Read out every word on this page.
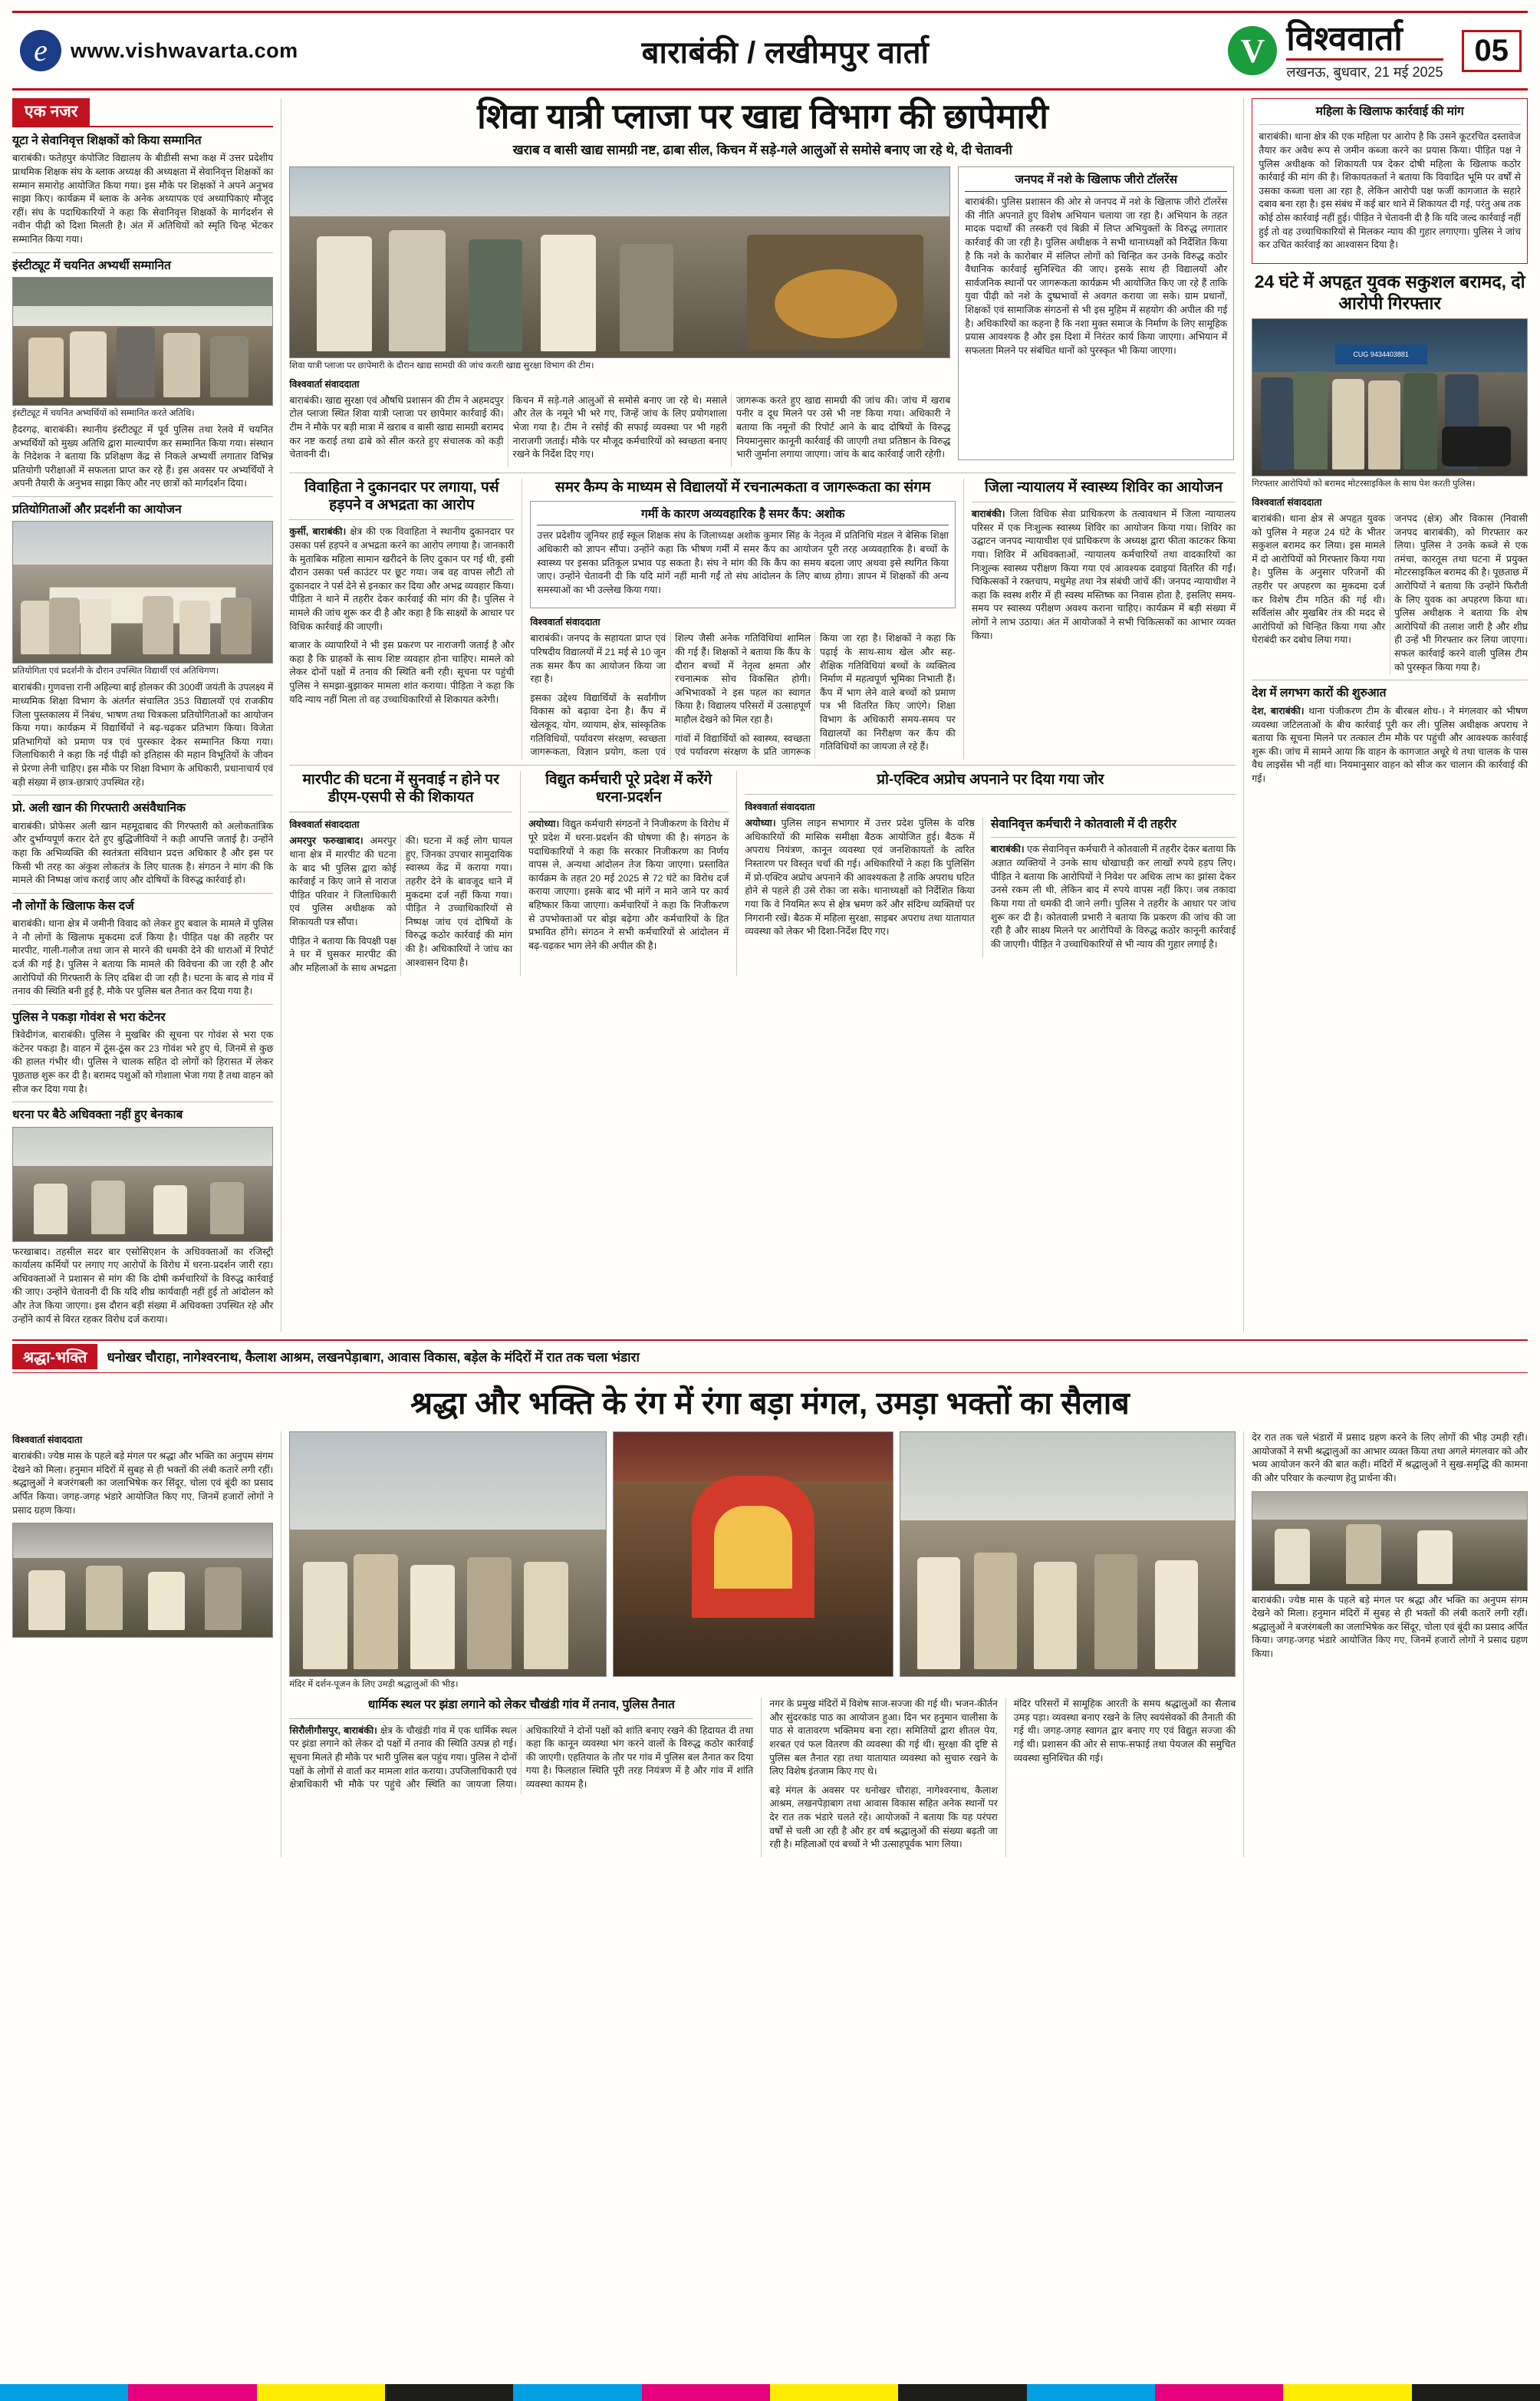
e	www.vishwavarta.com	बाराबंकी / लखीमपुर वार्ता	V विश्ववार्ता
लखनऊ, बुधवार, 21 मई 2025
05
एक नजर
यूटा ने सेवानिवृत्त शिक्षकों को किया सम्मानित

बाराबंकी। फतेहपुर कंपोजिट विद्यालय के बीडीसी सभा कक्ष में उत्तर प्रदेशीय प्राथमिक शिक्षक संघ के ब्लाक अध्यक्ष की अध्यक्षता में सेवानिवृत्त शिक्षकों का सम्मान समारोह आयोजित किया गया। इस मौके पर शिक्षकों ने अपने अनुभव साझा किए। कार्यक्रम में ब्लाक के अनेक अध्यापक एवं अध्यापिकाएं मौजूद रहीं। संघ के पदाधिकारियों ने कहा कि सेवानिवृत्त शिक्षकों के मार्गदर्शन से नवीन पीढ़ी को दिशा मिलती है। अंत में अतिथियों को स्मृति चिन्ह भेंटकर सम्मानित किया गया।

इंस्टीट्यूट में चयनित अभ्यर्थी सम्मानित
इंस्टीट्यूट में चयनित अभ्यर्थियों को सम्मानित करते अतिथि।

हैदरगढ़, बाराबंकी। स्थानीय इंस्टीट्यूट में पूर्व पुलिस तथा रेलवे में चयनित अभ्यर्थियों को मुख्य अतिथि द्वारा माल्यार्पण कर सम्मानित किया गया। संस्थान के निदेशक ने बताया कि प्रशिक्षण केंद्र से निकले अभ्यर्थी लगातार विभिन्न प्रतियोगी परीक्षाओं में सफलता प्राप्त कर रहे हैं। इस अवसर पर अभ्यर्थियों ने अपनी तैयारी के अनुभव साझा किए और नए छात्रों को मार्गदर्शन दिया।

प्रतियोगिताओं और प्रदर्शनी का आयोजन
प्रतियोगिता एवं प्रदर्शनी के दौरान उपस्थित विद्यार्थी एवं अतिथिगण।

बाराबंकी। गुणवत्ता रानी अहिल्या बाई होलकर की 300वीं जयंती के उपलक्ष्य में माध्यमिक शिक्षा विभाग के अंतर्गत संचालित 353 विद्यालयों एवं राजकीय जिला पुस्तकालय में निबंध, भाषण तथा चित्रकला प्रतियोगिताओं का आयोजन किया गया। कार्यक्रम में विद्यार्थियों ने बढ़-चढ़कर प्रतिभाग किया। विजेता प्रतिभागियों को प्रमाण पत्र एवं पुरस्कार देकर सम्मानित किया गया। जिलाधिकारी ने कहा कि नई पीढ़ी को इतिहास की महान विभूतियों के जीवन से प्रेरणा लेनी चाहिए। इस मौके पर शिक्षा विभाग के अधिकारी, प्रधानाचार्य एवं बड़ी संख्या में छात्र-छात्राएं उपस्थित रहे।

प्रो. अली खान की गिरफ्तारी असंवैधानिक

बाराबंकी। प्रोफेसर अली खान महमूदाबाद की गिरफ्तारी को अलोकतांत्रिक और दुर्भाग्यपूर्ण करार देते हुए बुद्धिजीवियों ने कड़ी आपत्ति जताई है। उन्होंने कहा कि अभिव्यक्ति की स्वतंत्रता संविधान प्रदत्त अधिकार है और इस पर किसी भी तरह का अंकुश लोकतंत्र के लिए घातक है। संगठन ने मांग की कि मामले की निष्पक्ष जांच कराई जाए और दोषियों के विरुद्ध कार्रवाई हो।

नौ लोगों के खिलाफ केस दर्ज

बाराबंकी। थाना क्षेत्र में जमीनी विवाद को लेकर हुए बवाल के मामले में पुलिस ने नौ लोगों के खिलाफ मुकदमा दर्ज किया है। पीड़ित पक्ष की तहरीर पर मारपीट, गाली-गलौज तथा जान से मारने की धमकी देने की धाराओं में रिपोर्ट दर्ज की गई है। पुलिस ने बताया कि मामले की विवेचना की जा रही है और आरोपियों की गिरफ्तारी के लिए दबिश दी जा रही है। घटना के बाद से गांव में तनाव की स्थिति बनी हुई है, मौके पर पुलिस बल तैनात कर दिया गया है।

पुलिस ने पकड़ा गोवंश से भरा कंटेनर

त्रिवेदीगंज, बाराबंकी। पुलिस ने मुखबिर की सूचना पर गोवंश से भरा एक कंटेनर पकड़ा है। वाहन में ठूंस-ठूंस कर 23 गोवंश भरे हुए थे, जिनमें से कुछ की हालत गंभीर थी। पुलिस ने चालक सहित दो लोगों को हिरासत में लेकर पूछताछ शुरू कर दी है। बरामद पशुओं को गोशाला भेजा गया है तथा वाहन को सीज कर दिया गया है।

धरना पर बैठे अधिवक्ता नहीं हुए बेनकाब

फरखाबाद। तहसील सदर बार एसोसिएशन के अधिवक्ताओं का रजिस्ट्री कार्यालय कर्मियों पर लगाए गए आरोपों के विरोध में धरना-प्रदर्शन जारी रहा। अधिवक्ताओं ने प्रशासन से मांग की कि दोषी कर्मचारियों के विरुद्ध कार्रवाई की जाए। उन्होंने चेतावनी दी कि यदि शीघ्र कार्यवाही नहीं हुई तो आंदोलन को और तेज किया जाएगा। इस दौरान बड़ी संख्या में अधिवक्ता उपस्थित रहे और उन्होंने कार्य से विरत रहकर विरोध दर्ज कराया।

शिवा यात्री प्लाजा पर खाद्य विभाग की छापेमारी
खराब व बासी खाद्य सामग्री नष्ट, ढाबा सील, किचन में सड़े-गले आलुओं से समोसे बनाए जा रहे थे, दी चेतावनी
शिवा यात्री प्लाजा पर छापेमारी के दौरान खाद्य सामग्री की जांच करती खाद्य सुरक्षा विभाग की टीम।
विश्ववार्ता संवाददाता

बाराबंकी। खाद्य सुरक्षा एवं औषधि प्रशासन की टीम ने अहमदपुर टोल प्लाजा स्थित शिवा यात्री प्लाजा पर छापेमार कार्रवाई की। टीम ने मौके पर बड़ी मात्रा में खराब व बासी खाद्य सामग्री बरामद कर नष्ट कराई तथा ढाबे को सील करते हुए संचालक को कड़ी चेतावनी दी।

किचन में सड़े-गले आलुओं से समोसे बनाए जा रहे थे। मसाले और तेल के नमूने भी भरे गए, जिन्हें जांच के लिए प्रयोगशाला भेजा गया है। टीम ने रसोई की सफाई व्यवस्था पर भी गहरी नाराजगी जताई। मौके पर मौजूद कर्मचारियों को स्वच्छता बनाए रखने के निर्देश दिए गए।

जागरूक करते हुए खाद्य सामग्री की जांच की। जांच में खराब पनीर व दूध मिलने पर उसे भी नष्ट किया गया। अधिकारी ने बताया कि नमूनों की रिपोर्ट आने के बाद दोषियों के विरुद्ध नियमानुसार कानूनी कार्रवाई की जाएगी तथा प्रतिष्ठान के विरुद्ध भारी जुर्माना लगाया जाएगा। जांच के बाद कार्रवाई जारी रहेगी।

जनपद में नशे के खिलाफ जीरो टॉलरेंस

बाराबंकी। पुलिस प्रशासन की ओर से जनपद में नशे के खिलाफ जीरो टॉलरेंस की नीति अपनाते हुए विशेष अभियान चलाया जा रहा है। अभियान के तहत मादक पदार्थों की तस्करी एवं बिक्री में लिप्त अभियुक्तों के विरुद्ध लगातार कार्रवाई की जा रही है। पुलिस अधीक्षक ने सभी थानाध्यक्षों को निर्देशित किया है कि नशे के कारोबार में संलिप्त लोगों को चिन्हित कर उनके विरुद्ध कठोर वैधानिक कार्रवाई सुनिश्चित की जाए। इसके साथ ही विद्यालयों और सार्वजनिक स्थानों पर जागरूकता कार्यक्रम भी आयोजित किए जा रहे हैं ताकि युवा पीढ़ी को नशे के दुष्प्रभावों से अवगत कराया जा सके। ग्राम प्रधानों, शिक्षकों एवं सामाजिक संगठनों से भी इस मुहिम में सहयोग की अपील की गई है। अधिकारियों का कहना है कि नशा मुक्त समाज के निर्माण के लिए सामूहिक प्रयास आवश्यक है और इस दिशा में निरंतर कार्य किया जाएगा। अभियान में सफलता मिलने पर संबंधित थानों को पुरस्कृत भी किया जाएगा।

विवाहिता ने दुकानदार पर लगाया, पर्स हड़पने व अभद्रता का आरोप

कुर्सी, बाराबंकी। क्षेत्र की एक विवाहिता ने स्थानीय दुकानदार पर उसका पर्स हड़पने व अभद्रता करने का आरोप लगाया है। जानकारी के मुताबिक महिला सामान खरीदने के लिए दुकान पर गई थी, इसी दौरान उसका पर्स काउंटर पर छूट गया। जब वह वापस लौटी तो दुकानदार ने पर्स देने से इनकार कर दिया और अभद्र व्यवहार किया। पीड़िता ने थाने में तहरीर देकर कार्रवाई की मांग की है। पुलिस ने मामले की जांच शुरू कर दी है और कहा है कि साक्ष्यों के आधार पर विधिक कार्रवाई की जाएगी।

बाजार के व्यापारियों ने भी इस प्रकरण पर नाराजगी जताई है और कहा है कि ग्राहकों के साथ शिष्ट व्यवहार होना चाहिए। मामले को लेकर दोनों पक्षों में तनाव की स्थिति बनी रही। सूचना पर पहुंची पुलिस ने समझा-बुझाकर मामला शांत कराया। पीड़िता ने कहा कि यदि न्याय नहीं मिला तो वह उच्चाधिकारियों से शिकायत करेगी।

समर कैम्प के माध्यम से विद्यालयों में रचनात्मकता व जागरूकता का संगम
गर्मी के कारण अव्यवहारिक है समर कैंप: अशोक

उत्तर प्रदेशीय जूनियर हाई स्कूल शिक्षक संघ के जिलाध्यक्ष अशोक कुमार सिंह के नेतृत्व में प्रतिनिधि मंडल ने बेसिक शिक्षा अधिकारी को ज्ञापन सौंपा। उन्होंने कहा कि भीषण गर्मी में समर कैंप का आयोजन पूरी तरह अव्यवहारिक है। बच्चों के स्वास्थ्य पर इसका प्रतिकूल प्रभाव पड़ सकता है। संघ ने मांग की कि कैंप का समय बदला जाए अथवा इसे स्थगित किया जाए। उन्होंने चेतावनी दी कि यदि मांगें नहीं मानी गईं तो संघ आंदोलन के लिए बाध्य होगा। ज्ञापन में शिक्षकों की अन्य समस्याओं का भी उल्लेख किया गया।

विश्ववार्ता संवाददाता

बाराबंकी। जनपद के सहायता प्राप्त एवं परिषदीय विद्यालयों में 21 मई से 10 जून तक समर कैंप का आयोजन किया जा रहा है।

इसका उद्देश्य विद्यार्थियों के सर्वांगीण विकास को बढ़ावा देना है। कैंप में खेलकूद, योग, व्यायाम, क्षेत्र, सांस्कृतिक गतिविधियों, पर्यावरण संरक्षण, स्वच्छता जागरूकता, विज्ञान प्रयोग, कला एवं शिल्प जैसी अनेक गतिविधियां शामिल की गई हैं। शिक्षकों ने बताया कि कैंप के दौरान बच्चों में नेतृत्व क्षमता और रचनात्मक सोच विकसित होगी। अभिभावकों ने इस पहल का स्वागत किया है। विद्यालय परिसरों में उत्साहपूर्ण माहौल देखने को मिल रहा है।

गांवों में विद्यार्थियों को स्वास्थ्य, स्वच्छता एवं पर्यावरण संरक्षण के प्रति जागरूक किया जा रहा है। शिक्षकों ने कहा कि पढ़ाई के साथ-साथ खेल और सह-शैक्षिक गतिविधियां बच्चों के व्यक्तित्व निर्माण में महत्वपूर्ण भूमिका निभाती हैं। कैंप में भाग लेने वाले बच्चों को प्रमाण पत्र भी वितरित किए जाएंगे। शिक्षा विभाग के अधिकारी समय-समय पर विद्यालयों का निरीक्षण कर कैंप की गतिविधियों का जायजा ले रहे हैं।

जिला न्यायालय में स्वास्थ्य शिविर का आयोजन

बाराबंकी। जिला विधिक सेवा प्राधिकरण के तत्वावधान में जिला न्यायालय परिसर में एक निःशुल्क स्वास्थ्य शिविर का आयोजन किया गया। शिविर का उद्घाटन जनपद न्यायाधीश एवं प्राधिकरण के अध्यक्ष द्वारा फीता काटकर किया गया। शिविर में अधिवक्ताओं, न्यायालय कर्मचारियों तथा वादकारियों का निःशुल्क स्वास्थ्य परीक्षण किया गया एवं आवश्यक दवाइयां वितरित की गईं। चिकित्सकों ने रक्तचाप, मधुमेह तथा नेत्र संबंधी जांचें कीं। जनपद न्यायाधीश ने कहा कि स्वस्थ शरीर में ही स्वस्थ मस्तिष्क का निवास होता है, इसलिए समय-समय पर स्वास्थ्य परीक्षण अवश्य कराना चाहिए। कार्यक्रम में बड़ी संख्या में लोगों ने लाभ उठाया। अंत में आयोजकों ने सभी चिकित्सकों का आभार व्यक्त किया।

मारपीट की घटना में सुनवाई न होने पर डीएम-एसपी से की शिकायत
विश्ववार्ता संवाददाता

अमरपुर फरुखाबाद। अमरपुर थाना क्षेत्र में मारपीट की घटना के बाद भी पुलिस द्वारा कोई कार्रवाई न किए जाने से नाराज पीड़ित परिवार ने जिलाधिकारी एवं पुलिस अधीक्षक को शिकायती पत्र सौंपा।

पीड़ित ने बताया कि विपक्षी पक्ष ने घर में घुसकर मारपीट की और महिलाओं के साथ अभद्रता की। घटना में कई लोग घायल हुए, जिनका उपचार सामुदायिक स्वास्थ्य केंद्र में कराया गया। तहरीर देने के बावजूद थाने में मुकदमा दर्ज नहीं किया गया। पीड़ित ने उच्चाधिकारियों से निष्पक्ष जांच एवं दोषियों के विरुद्ध कठोर कार्रवाई की मांग की है। अधिकारियों ने जांच का आश्वासन दिया है।

विद्युत कर्मचारी पूरे प्रदेश में करेंगे धरना-प्रदर्शन

अयोध्या। विद्युत कर्मचारी संगठनों ने निजीकरण के विरोध में पूरे प्रदेश में धरना-प्रदर्शन की घोषणा की है। संगठन के पदाधिकारियों ने कहा कि सरकार निजीकरण का निर्णय वापस ले, अन्यथा आंदोलन तेज किया जाएगा। प्रस्तावित कार्यक्रम के तहत 20 मई 2025 से 72 घंटे का विरोध दर्ज कराया जाएगा। इसके बाद भी मांगें न माने जाने पर कार्य बहिष्कार किया जाएगा। कर्मचारियों ने कहा कि निजीकरण से उपभोक्ताओं पर बोझ बढ़ेगा और कर्मचारियों के हित प्रभावित होंगे। संगठन ने सभी कर्मचारियों से आंदोलन में बढ़-चढ़कर भाग लेने की अपील की है।

प्रो-एक्टिव अप्रोच अपनाने पर दिया गया जोर
विश्ववार्ता संवाददाता

अयोध्या। पुलिस लाइन सभागार में उत्तर प्रदेश पुलिस के वरिष्ठ अधिकारियों की मासिक समीक्षा बैठक आयोजित हुई। बैठक में अपराध नियंत्रण, कानून व्यवस्था एवं जनशिकायतों के त्वरित निस्तारण पर विस्तृत चर्चा की गई। अधिकारियों ने कहा कि पुलिसिंग में प्रो-एक्टिव अप्रोच अपनाने की आवश्यकता है ताकि अपराध घटित होने से पहले ही उसे रोका जा सके। थानाध्यक्षों को निर्देशित किया गया कि वे नियमित रूप से क्षेत्र भ्रमण करें और संदिग्ध व्यक्तियों पर निगरानी रखें। बैठक में महिला सुरक्षा, साइबर अपराध तथा यातायात व्यवस्था को लेकर भी दिशा-निर्देश दिए गए।

सेवानिवृत्त कर्मचारी ने कोतवाली में दी तहरीर

बाराबंकी। एक सेवानिवृत्त कर्मचारी ने कोतवाली में तहरीर देकर बताया कि अज्ञात व्यक्तियों ने उनके साथ धोखाधड़ी कर लाखों रुपये हड़प लिए। पीड़ित ने बताया कि आरोपियों ने निवेश पर अधिक लाभ का झांसा देकर उनसे रकम ली थी, लेकिन बाद में रुपये वापस नहीं किए। जब तकादा किया गया तो धमकी दी जाने लगी। पुलिस ने तहरीर के आधार पर जांच शुरू कर दी है। कोतवाली प्रभारी ने बताया कि प्रकरण की जांच की जा रही है और साक्ष्य मिलने पर आरोपियों के विरुद्ध कठोर कानूनी कार्रवाई की जाएगी। पीड़ित ने उच्चाधिकारियों से भी न्याय की गुहार लगाई है।

महिला के खिलाफ कार्रवाई की मांग

बाराबंकी। थाना क्षेत्र की एक महिला पर आरोप है कि उसने कूटरचित दस्तावेज तैयार कर अवैध रूप से जमीन कब्जा करने का प्रयास किया। पीड़ित पक्ष ने पुलिस अधीक्षक को शिकायती पत्र देकर दोषी महिला के खिलाफ कठोर कार्रवाई की मांग की है। शिकायतकर्ता ने बताया कि विवादित भूमि पर वर्षों से उसका कब्जा चला आ रहा है, लेकिन आरोपी पक्ष फर्जी कागजात के सहारे दबाव बना रहा है। इस संबंध में कई बार थाने में शिकायत दी गई, परंतु अब तक कोई ठोस कार्रवाई नहीं हुई। पीड़ित ने चेतावनी दी है कि यदि जल्द कार्रवाई नहीं हुई तो वह उच्चाधिकारियों से मिलकर न्याय की गुहार लगाएगा। पुलिस ने जांच कर उचित कार्रवाई का आश्वासन दिया है।

24 घंटे में अपहृत युवक सकुशल बरामद, दो आरोपी गिरफ्तार
CUG 9434403881
गिरफ्तार आरोपियों को बरामद मोटरसाइकिल के साथ पेश करती पुलिस।
विश्ववार्ता संवाददाता

बाराबंकी। थाना क्षेत्र से अपहृत युवक को पुलिस ने महज 24 घंटे के भीतर सकुशल बरामद कर लिया। इस मामले में दो आरोपियों को गिरफ्तार किया गया है। पुलिस के अनुसार परिजनों की तहरीर पर अपहरण का मुकदमा दर्ज कर विशेष टीम गठित की गई थी। सर्विलांस और मुखबिर तंत्र की मदद से आरोपियों को चिन्हित किया गया और घेराबंदी कर दबोच लिया गया।

जनपद (क्षेत्र) और विकास (निवासी जनपद बाराबंकी), को गिरफ्तार कर लिया। पुलिस ने उनके कब्जे से एक तमंचा, कारतूस तथा घटना में प्रयुक्त मोटरसाइकिल बरामद की है। पूछताछ में आरोपियों ने बताया कि उन्होंने फिरौती के लिए युवक का अपहरण किया था। पुलिस अधीक्षक ने बताया कि शेष आरोपियों की तलाश जारी है और शीघ्र ही उन्हें भी गिरफ्तार कर लिया जाएगा। सफल कार्रवाई करने वाली पुलिस टीम को पुरस्कृत किया गया है।

देश में लगभग कारों की शुरुआत

देश, बाराबंकी। थाना पंजीकरण टीम के बीरबल शोध-। ने मंगलवार को भीषण व्यवस्था जटिलताओं के बीच कार्रवाई पूरी कर ली। पुलिस अधीक्षक अपराध ने बताया कि सूचना मिलने पर तत्काल टीम मौके पर पहुंची और आवश्यक कार्रवाई शुरू की। जांच में सामने आया कि वाहन के कागजात अधूरे थे तथा चालक के पास वैध लाइसेंस भी नहीं था। नियमानुसार वाहन को सीज कर चालान की कार्रवाई की गई।

श्रद्धा-भक्ति	धनोखर चौराहा, नागेश्वरनाथ, कैलाश आश्रम, लखनपेड़ाबाग, आवास विकास, बड़ेल के मंदिरों में रात तक चला भंडारा
श्रद्धा और भक्ति के रंग में रंगा बड़ा मंगल, उमड़ा भक्तों का सैलाब
विश्ववार्ता संवाददाता

बाराबंकी। ज्येष्ठ मास के पहले बड़े मंगल पर श्रद्धा और भक्ति का अनुपम संगम देखने को मिला। हनुमान मंदिरों में सुबह से ही भक्तों की लंबी कतारें लगी रहीं। श्रद्धालुओं ने बजरंगबली का जलाभिषेक कर सिंदूर, चोला एवं बूंदी का प्रसाद अर्पित किया। जगह-जगह भंडारे आयोजित किए गए, जिनमें हजारों लोगों ने प्रसाद ग्रहण किया।

मंदिर में दर्शन-पूजन के लिए उमड़ी श्रद्धालुओं की भीड़।
धार्मिक स्थल पर झंडा लगाने को लेकर चौखंडी गांव में तनाव, पुलिस तैनात

सिरौलीगौसपुर, बाराबंकी। क्षेत्र के चौखंडी गांव में एक धार्मिक स्थल पर झंडा लगाने को लेकर दो पक्षों में तनाव की स्थिति उत्पन्न हो गई। सूचना मिलते ही मौके पर भारी पुलिस बल पहुंच गया। पुलिस ने दोनों पक्षों के लोगों से वार्ता कर मामला शांत कराया। उपजिलाधिकारी एवं क्षेत्राधिकारी भी मौके पर पहुंचे और स्थिति का जायजा लिया। अधिकारियों ने दोनों पक्षों को शांति बनाए रखने की हिदायत दी तथा कहा कि कानून व्यवस्था भंग करने वालों के विरुद्ध कठोर कार्रवाई की जाएगी। एहतियात के तौर पर गांव में पुलिस बल तैनात कर दिया गया है। फिलहाल स्थिति पूरी तरह नियंत्रण में है और गांव में शांति व्यवस्था कायम है।

नगर के प्रमुख मंदिरों में विशेष साज-सज्जा की गई थी। भजन-कीर्तन और सुंदरकांड पाठ का आयोजन हुआ। दिन भर हनुमान चालीसा के पाठ से वातावरण भक्तिमय बना रहा। समितियों द्वारा शीतल पेय, शरबत एवं फल वितरण की व्यवस्था की गई थी। सुरक्षा की दृष्टि से पुलिस बल तैनात रहा तथा यातायात व्यवस्था को सुचारु रखने के लिए विशेष इंतजाम किए गए थे।

बड़े मंगल के अवसर पर धनोखर चौराहा, नागेश्वरनाथ, कैलाश आश्रम, लखनपेड़ाबाग तथा आवास विकास सहित अनेक स्थानों पर देर रात तक भंडारे चलते रहे। आयोजकों ने बताया कि यह परंपरा वर्षों से चली आ रही है और हर वर्ष श्रद्धालुओं की संख्या बढ़ती जा रही है। महिलाओं एवं बच्चों ने भी उत्साहपूर्वक भाग लिया।

मंदिर परिसरों में सामूहिक आरती के समय श्रद्धालुओं का सैलाब उमड़ पड़ा। व्यवस्था बनाए रखने के लिए स्वयंसेवकों की तैनाती की गई थी। जगह-जगह स्वागत द्वार बनाए गए एवं विद्युत सज्जा की गई थी। प्रशासन की ओर से साफ-सफाई तथा पेयजल की समुचित व्यवस्था सुनिश्चित की गई।

देर रात तक चले भंडारों में प्रसाद ग्रहण करने के लिए लोगों की भीड़ उमड़ी रही। आयोजकों ने सभी श्रद्धालुओं का आभार व्यक्त किया तथा अगले मंगलवार को और भव्य आयोजन करने की बात कही। मंदिरों में श्रद्धालुओं ने सुख-समृद्धि की कामना की और परिवार के कल्याण हेतु प्रार्थना की।

बाराबंकी। ज्येष्ठ मास के पहले बड़े मंगल पर श्रद्धा और भक्ति का अनुपम संगम देखने को मिला। हनुमान मंदिरों में सुबह से ही भक्तों की लंबी कतारें लगी रहीं। श्रद्धालुओं ने बजरंगबली का जलाभिषेक कर सिंदूर, चोला एवं बूंदी का प्रसाद अर्पित किया। जगह-जगह भंडारे आयोजित किए गए, जिनमें हजारों लोगों ने प्रसाद ग्रहण किया।
